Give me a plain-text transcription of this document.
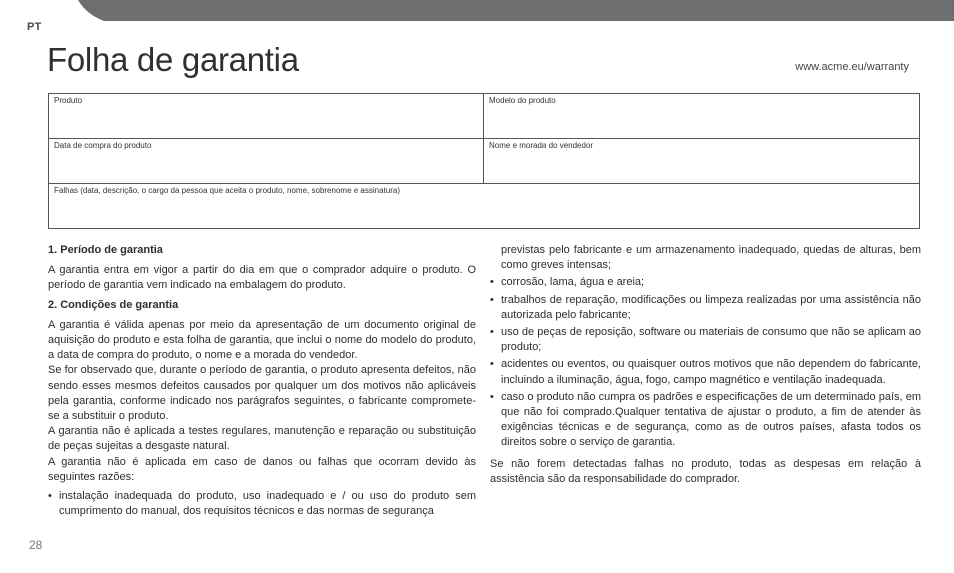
PT
Folha de garantia	www.acme.eu/warranty
Produto	Modelo do produto
Data de compra do produto	Nome e morada do vendedor
Falhas (data, descrição, o cargo da pessoa que aceita o produto, nome, sobrenome e assinatura)
1. Período de garantia

A garantia entra em vigor a partir do dia em que o comprador adquire o produto. O período de garantia vem indicado na embalagem do produto.

2. Condições de garantia

A garantia é válida apenas por meio da apresentação de um documento original de aquisição do produto e esta folha de garantia, que inclui o nome do modelo do produto, a data de compra do produto, o nome e a morada do vendedor.

Se for observado que, durante o período de garantia, o produto apresenta defeitos, não sendo esses mesmos defeitos causados por qualquer um dos motivos não aplicáveis pela garantia, conforme indicado nos parágrafos seguintes, o fabricante compromete-se a substituir o produto.

A garantia não é aplicada a testes regulares, manutenção e reparação ou substituição de peças sujeitas a desgaste natural.

A garantia não é aplicada em caso de danos ou falhas que ocorram devido às seguintes razões:

• instalação inadequada do produto, uso inadequado e / ou uso do produto sem cumprimento do manual, dos requisitos técnicos e das normas de segurança

previstas pelo fabricante e um armazenamento inadequado, quedas de alturas, bem como greves intensas;

• corrosão, lama, água e areia;
• trabalhos de reparação, modificações ou limpeza realizadas por uma assistência não autorizada pelo fabricante;
• uso de peças de reposição, software ou materiais de consumo que não se aplicam ao produto;
• acidentes ou eventos, ou quaisquer outros motivos que não dependem do fabricante, incluindo a iluminação, água, fogo, campo magnético e ventilação inadequada.
• caso o produto não cumpra os padrões e especificações de um determinado país, em que não foi comprado.Qualquer tentativa de ajustar o produto, a fim de atender às exigências técnicas e de segurança, como as de outros países, afasta todos os direitos sobre o serviço de garantia.

Se não forem detectadas falhas no produto, todas as despesas em relação à assistência são da responsabilidade do comprador.

28
